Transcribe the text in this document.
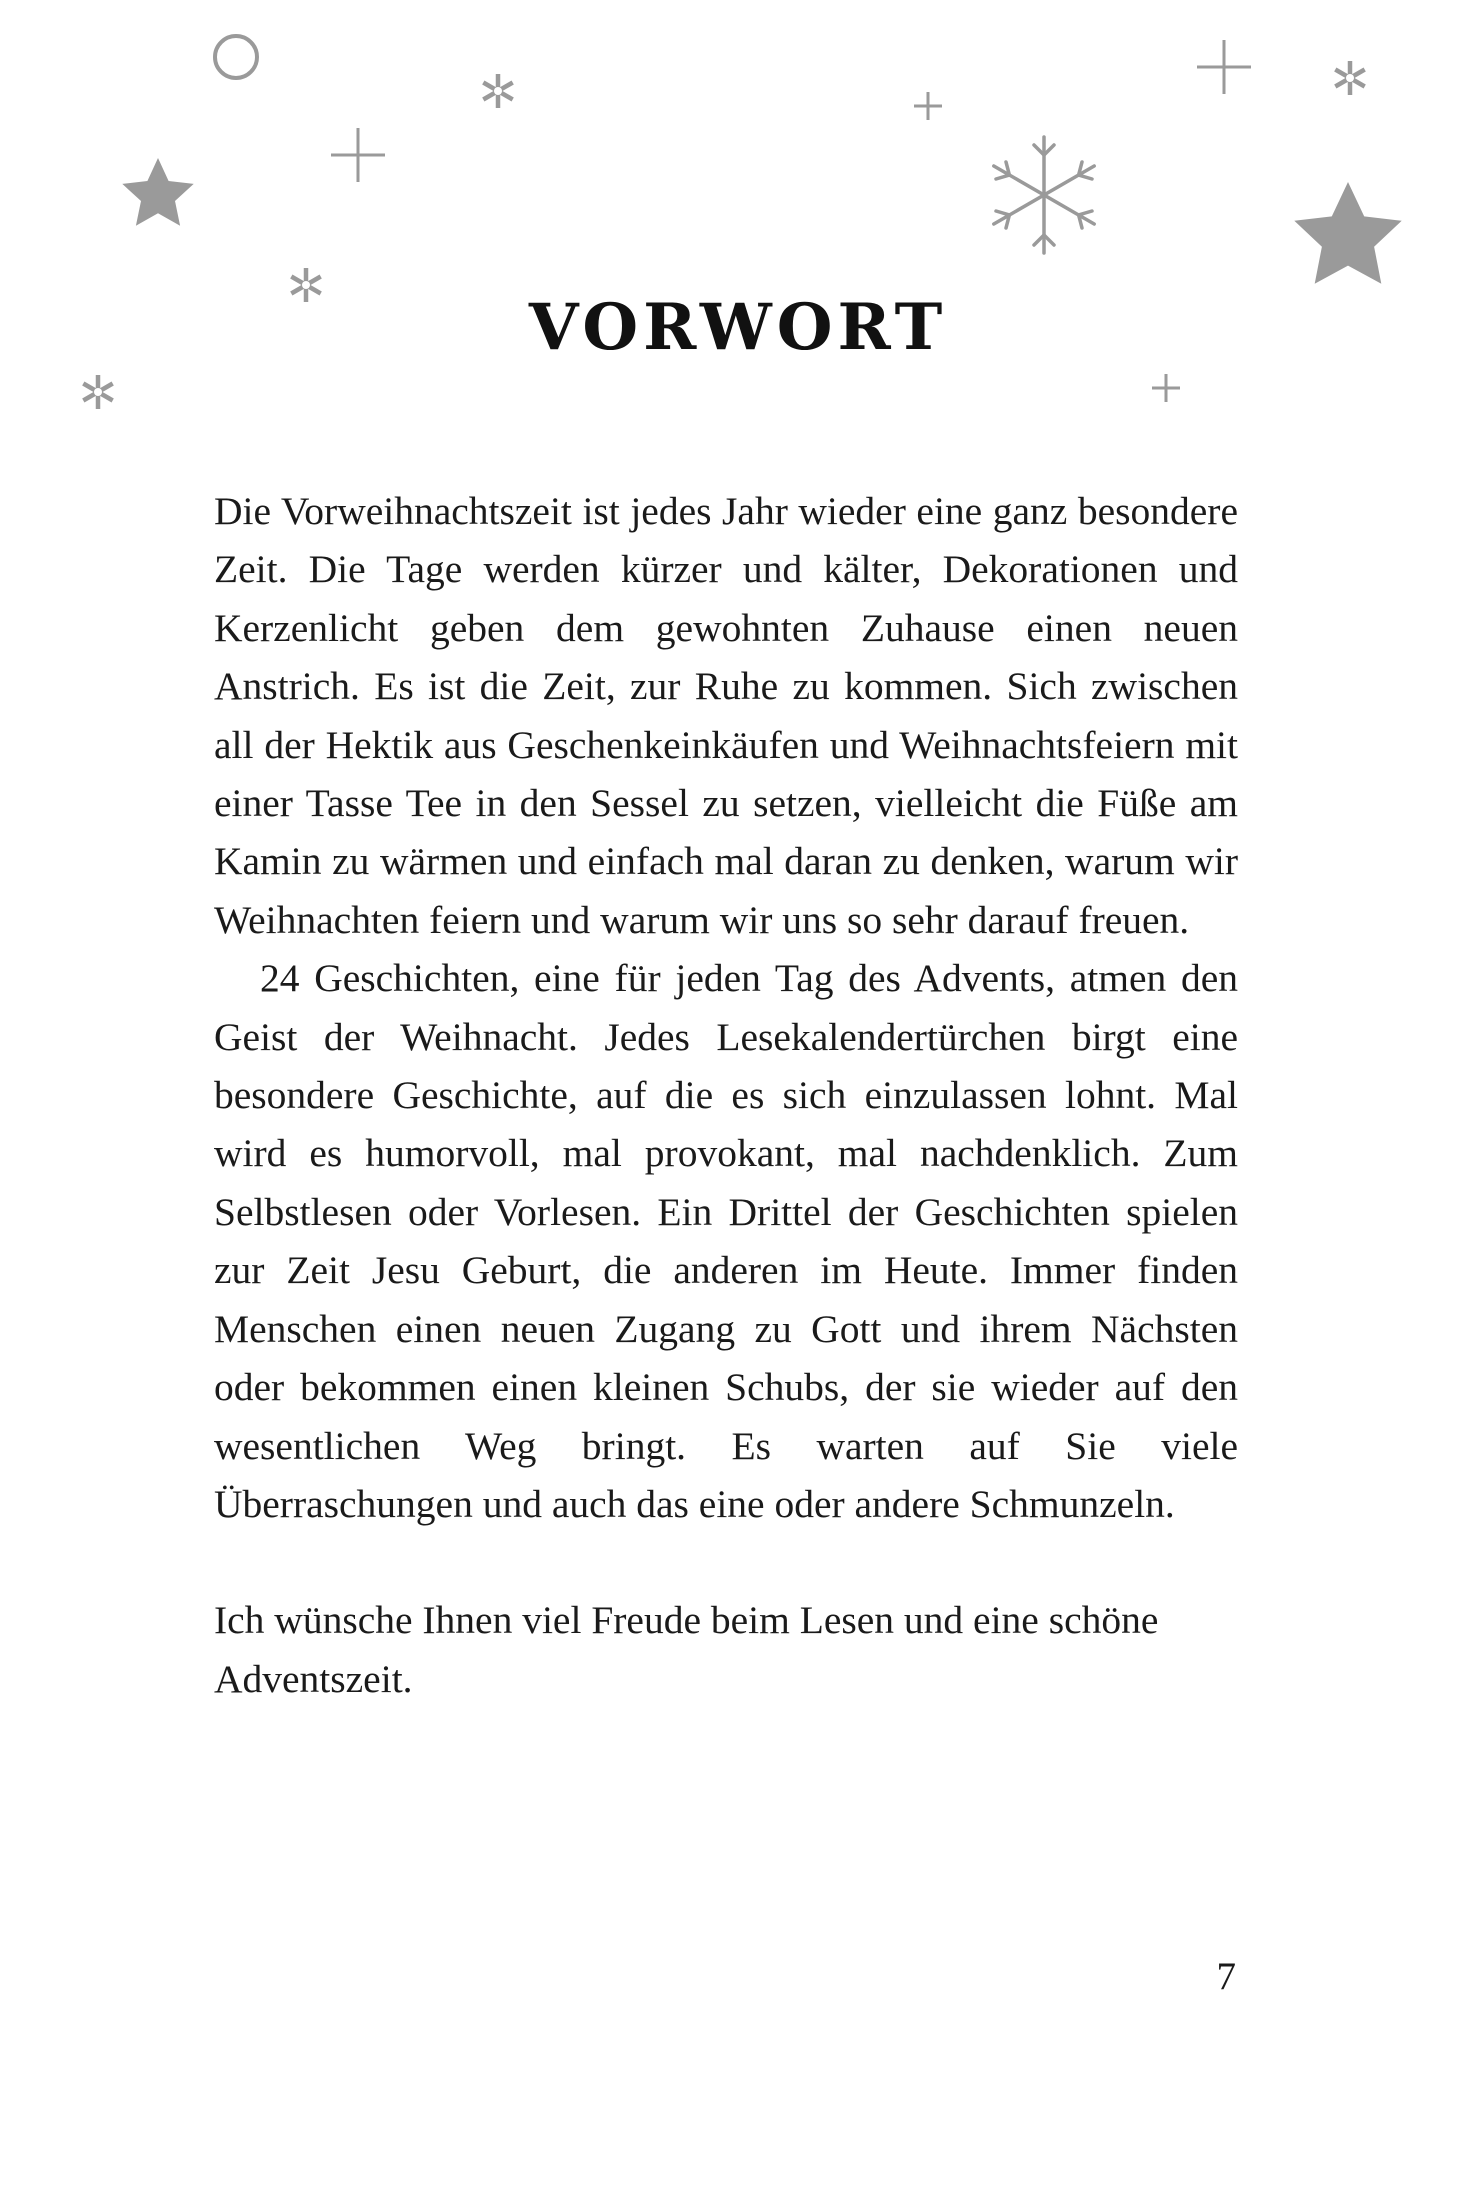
VORWORT

Die Vorweihnachtszeit ist jedes Jahr wieder eine ganz besondere Zeit. Die Tage werden kürzer und kälter, Dekorationen und Kerzenlicht geben dem gewohnten Zuhause einen neuen Anstrich. Es ist die Zeit, zur Ruhe zu kommen. Sich zwischen all der Hektik aus Geschenkeinkäufen und Weihnachtsfeiern mit einer Tasse Tee in den Sessel zu setzen, vielleicht die Füße am Kamin zu wärmen und einfach mal daran zu denken, warum wir Weihnachten feiern und warum wir uns so sehr darauf freuen.

24 Geschichten, eine für jeden Tag des Advents, atmen den Geist der Weihnacht. Jedes Lesekalendertürchen birgt eine besondere Geschichte, auf die es sich einzulassen lohnt. Mal wird es humorvoll, mal provokant, mal nachdenklich. Zum Selbstlesen oder Vorlesen. Ein Drittel der Geschichten spielen zur Zeit Jesu Geburt, die anderen im Heute. Immer finden Menschen einen neuen Zugang zu Gott und ihrem Nächsten oder bekommen einen kleinen Schubs, der sie wieder auf den wesentlichen Weg bringt. Es warten auf Sie viele Überraschungen und auch das eine oder andere Schmunzeln.

Ich wünsche Ihnen viel Freude beim Lesen und eine schöne Adventszeit.

7
